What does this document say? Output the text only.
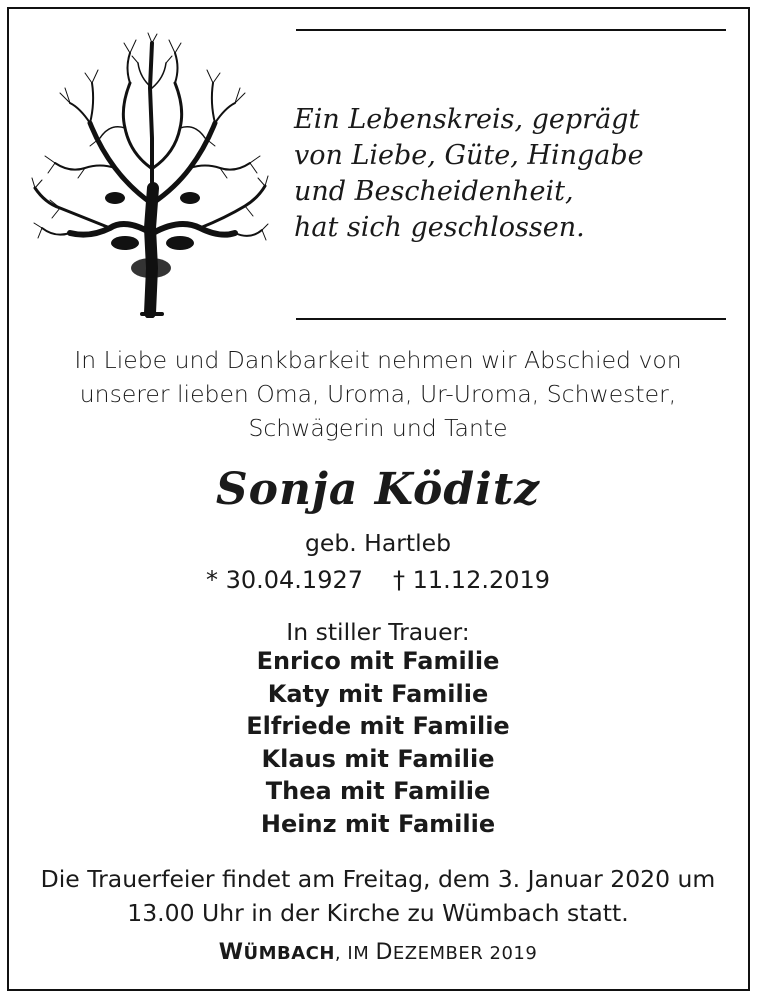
Ein Lebenskreis, geprägt
von Liebe, Güte, Hingabe
und Bescheidenheit,
hat sich geschlossen.
In Liebe und Dankbarkeit nehmen wir Abschied von
unserer lieben Oma, Uroma, Ur-Uroma, Schwester,
Schwägerin und Tante
Sonja Köditz
geb. Hartleb
* 30.04.1927 † 11.12.2019
In stiller Trauer:
Enrico mit Familie
Katy mit Familie
Elfriede mit Familie
Klaus mit Familie
Thea mit Familie
Heinz mit Familie
Die Trauerfeier findet am Freitag, dem 3. Januar 2020 um
13.00 Uhr in der Kirche zu Wümbach statt.
WÜMBACH, IM DEZEMBER 2019
